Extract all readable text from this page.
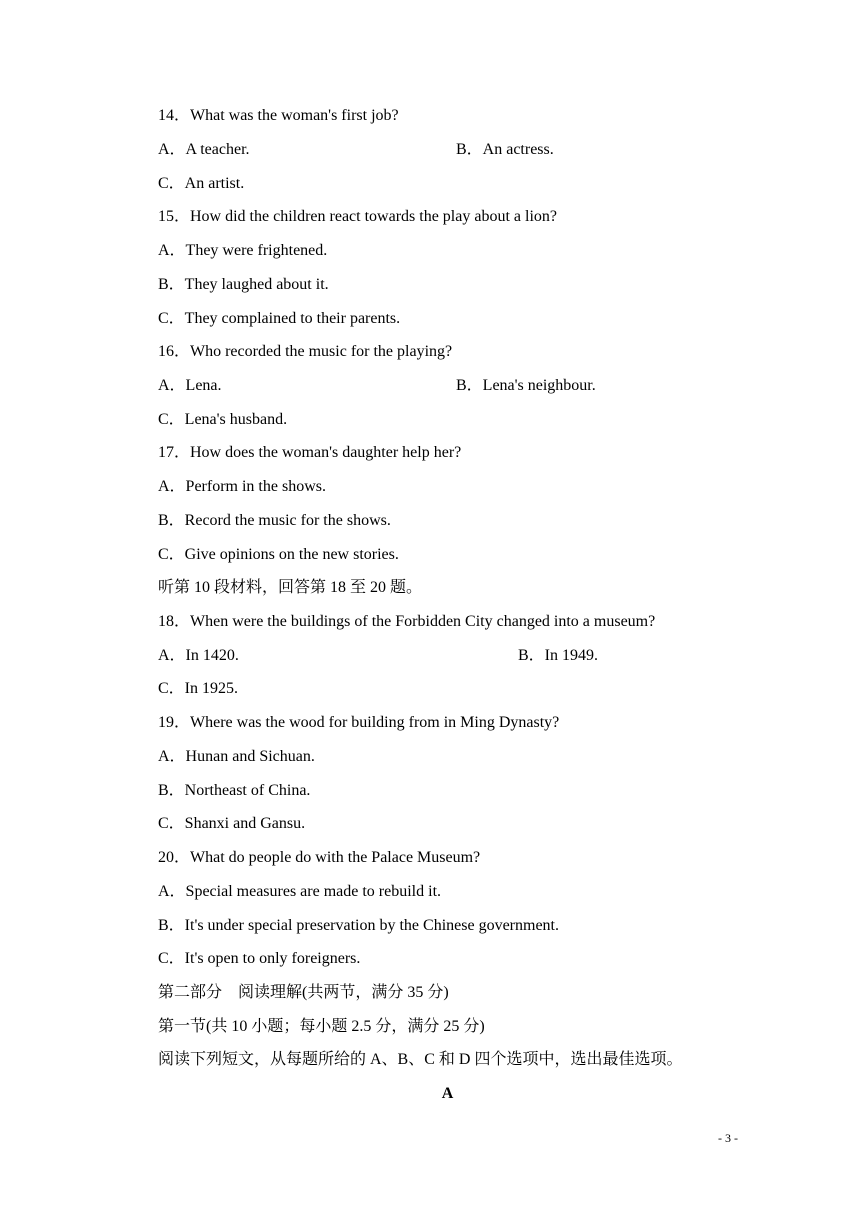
14．What was the woman's first job?
A．A teacher.	B．An actress.
C．An artist.
15．How did the children react towards the play about a lion?
A．They were frightened.
B．They laughed about it.
C．They complained to their parents.
16．Who recorded the music for the playing?
A．Lena.	B．Lena's neighbour.
C．Lena's husband.
17．How does the woman's daughter help her?
A．Perform in the shows.
B．Record the music for the shows.
C．Give opinions on the new stories.
听第 10 段材料，回答第 18 至 20 题。
18．When were the buildings of the Forbidden City changed into a museum?
A．In 1420.	B．In 1949.
C．In 1925.
19．Where was the wood for building from in Ming Dynasty?
A．Hunan and Sichuan.
B．Northeast of China.
C．Shanxi and Gansu.
20．What do people do with the Palace Museum?
A．Special measures are made to rebuild it.
B．It's under special preservation by the Chinese government.
C．It's open to only foreigners.
第二部分　阅读理解(共两节，满分 35 分)
第一节(共 10 小题；每小题 2.5 分，满分 25 分)
阅读下列短文，从每题所给的 A、B、C 和 D 四个选项中，选出最佳选项。
A
- 3 -
